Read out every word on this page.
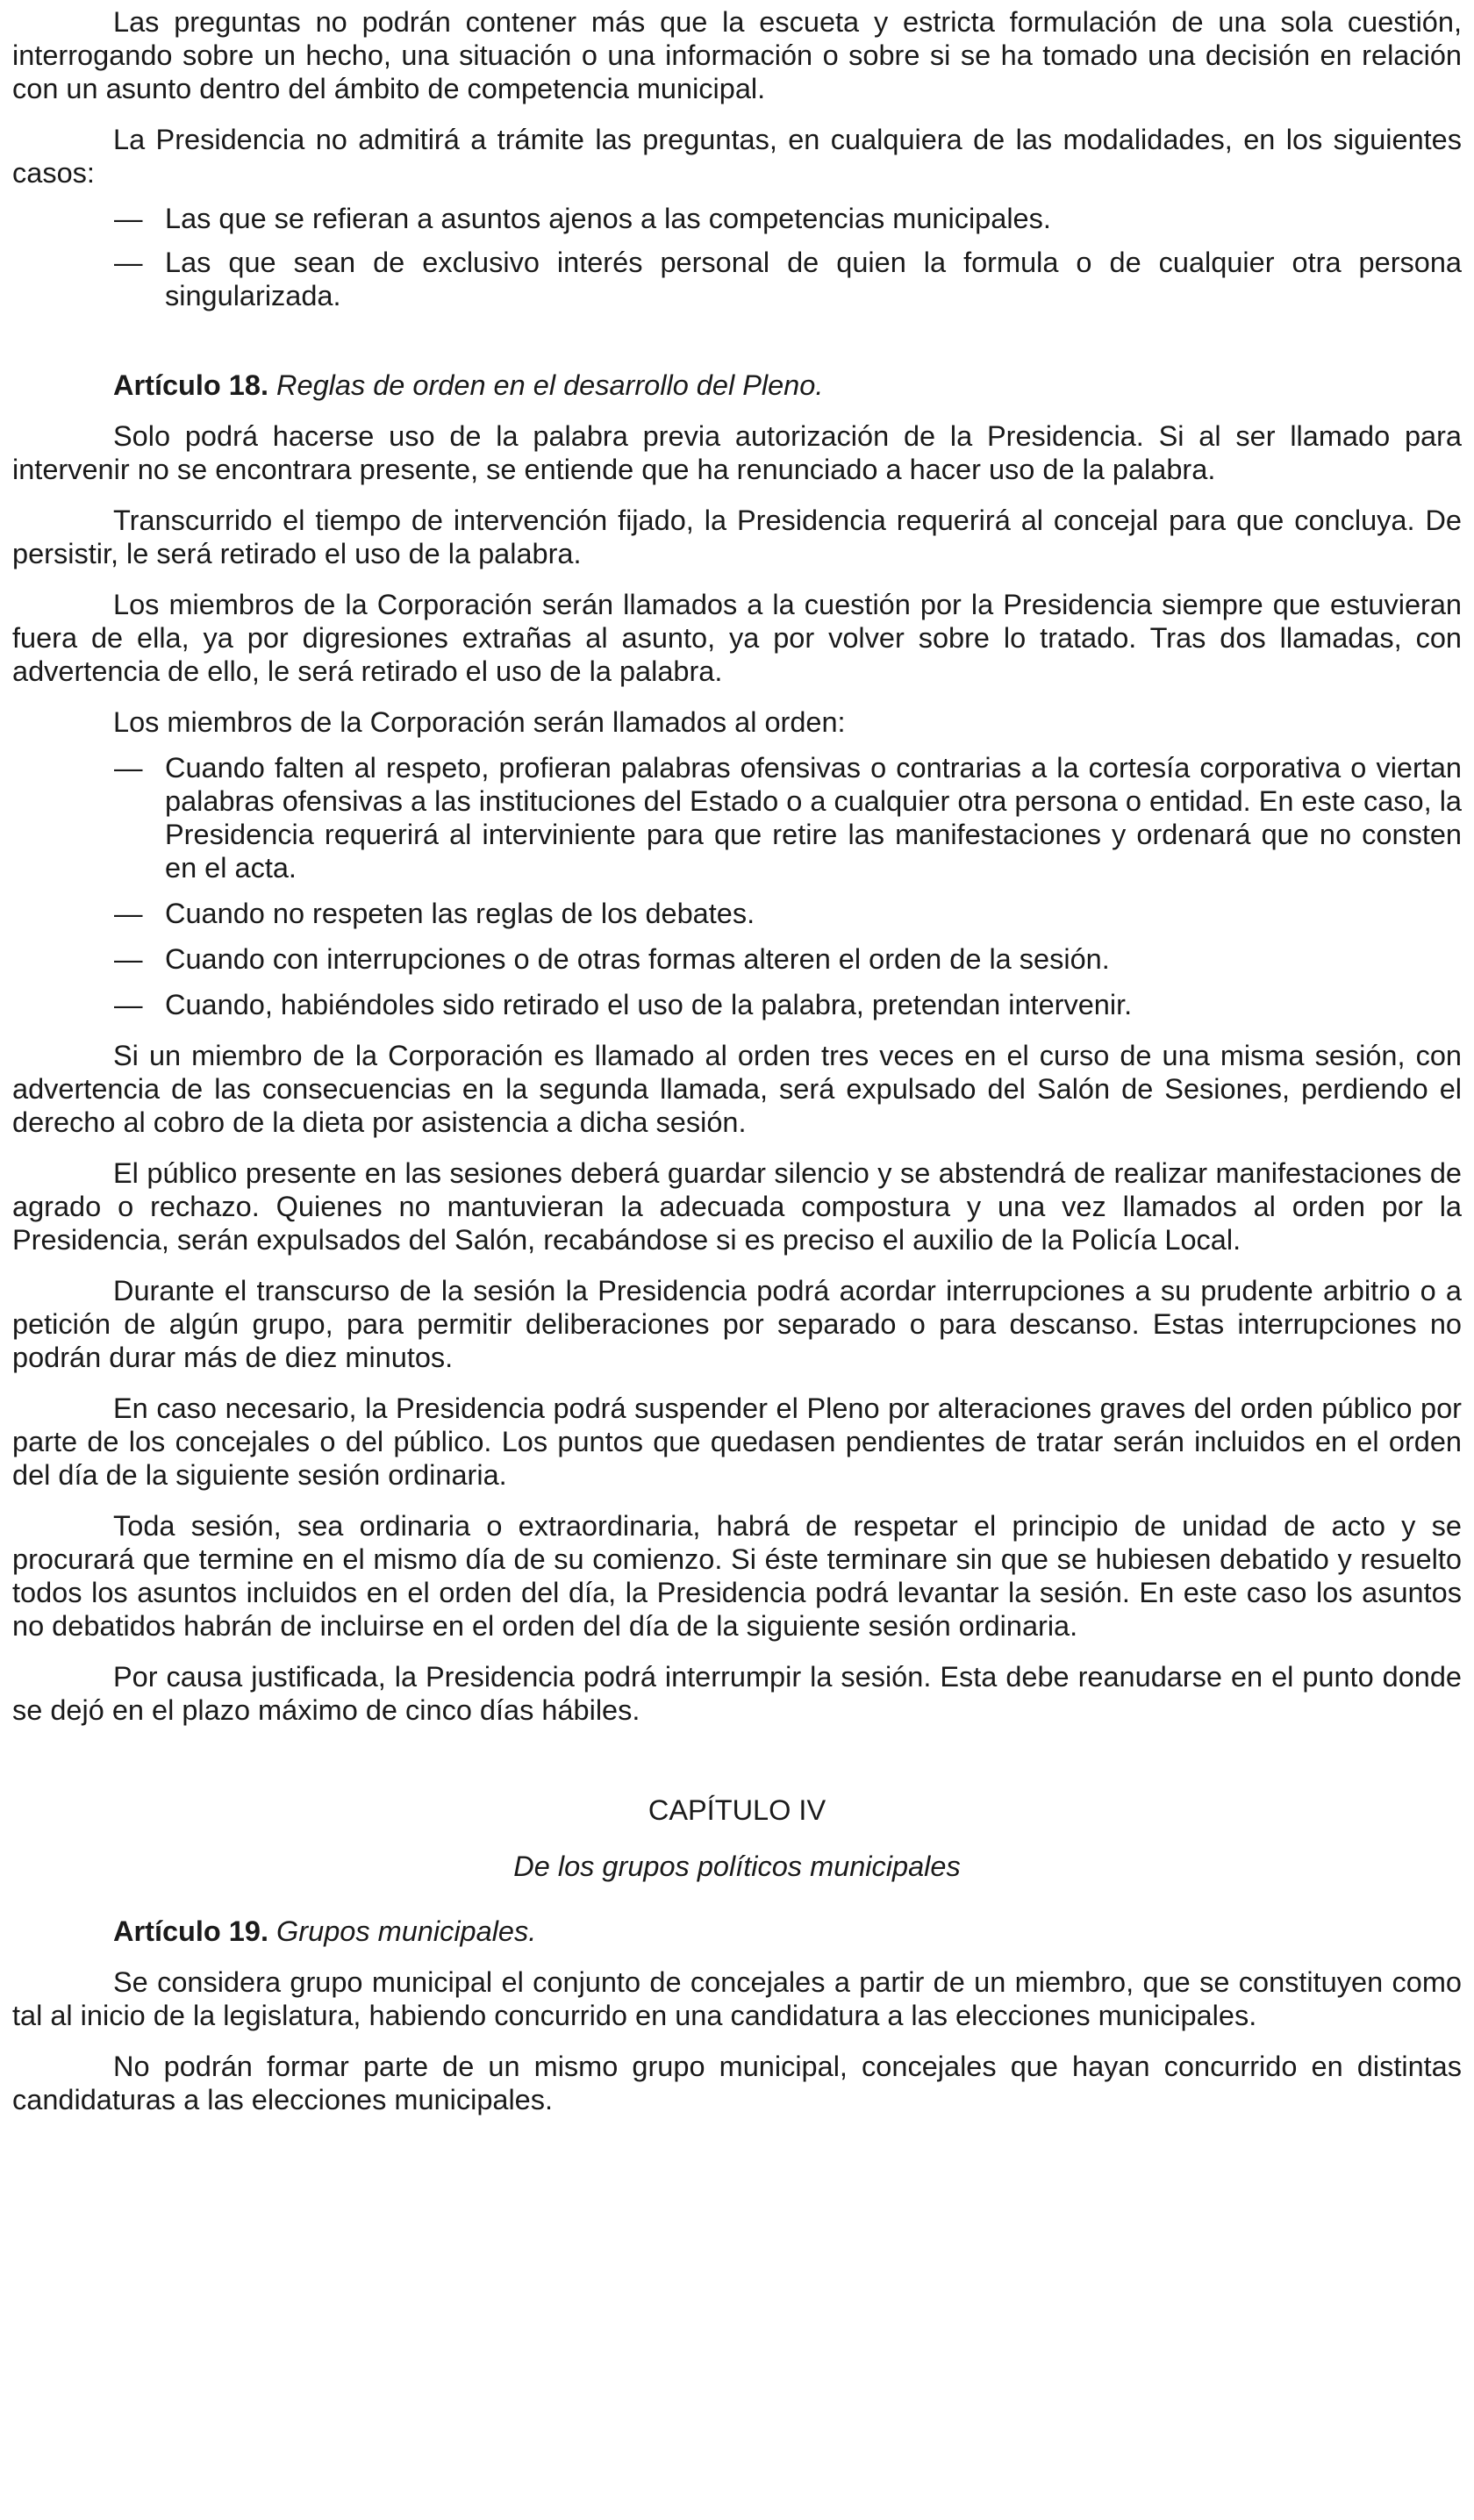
Las preguntas no podrán contener más que la escueta y estricta formulación de una sola cuestión, interrogando sobre un hecho, una situación o una información o sobre si se ha tomado una decisión en relación con un asunto dentro del ámbito de competencia municipal.

La Presidencia no admitirá a trámite las preguntas, en cualquiera de las modalidades, en los siguientes casos:

— Las que se refieran a asuntos ajenos a las competencias municipales.
— Las que sean de exclusivo interés personal de quien la formula o de cualquier otra persona singularizada.

Artículo 18. Reglas de orden en el desarrollo del Pleno.

Solo podrá hacerse uso de la palabra previa autorización de la Presidencia. Si al ser llamado para intervenir no se encontrara presente, se entiende que ha renunciado a hacer uso de la palabra.

Transcurrido el tiempo de intervención fijado, la Presidencia requerirá al concejal para que concluya. De persistir, le será retirado el uso de la palabra.

Los miembros de la Corporación serán llamados a la cuestión por la Presidencia siempre que estuvieran fuera de ella, ya por digresiones extrañas al asunto, ya por volver sobre lo tratado. Tras dos llamadas, con advertencia de ello, le será retirado el uso de la palabra.

Los miembros de la Corporación serán llamados al orden:

— Cuando falten al respeto, profieran palabras ofensivas o contrarias a la cortesía corporativa o viertan palabras ofensivas a las instituciones del Estado o a cualquier otra persona o entidad. En este caso, la Presidencia requerirá al interviniente para que retire las manifestaciones y ordenará que no consten en el acta.
— Cuando no respeten las reglas de los debates.
— Cuando con interrupciones o de otras formas alteren el orden de la sesión.
— Cuando, habiéndoles sido retirado el uso de la palabra, pretendan intervenir.

Si un miembro de la Corporación es llamado al orden tres veces en el curso de una misma sesión, con advertencia de las consecuencias en la segunda llamada, será expulsado del Salón de Sesiones, perdiendo el derecho al cobro de la dieta por asistencia a dicha sesión.

El público presente en las sesiones deberá guardar silencio y se abstendrá de realizar manifestaciones de agrado o rechazo. Quienes no mantuvieran la adecuada compostura y una vez llamados al orden por la Presidencia, serán expulsados del Salón, recabándose si es preciso el auxilio de la Policía Local.

Durante el transcurso de la sesión la Presidencia podrá acordar interrupciones a su prudente arbitrio o a petición de algún grupo, para permitir deliberaciones por separado o para descanso. Estas interrupciones no podrán durar más de diez minutos.

En caso necesario, la Presidencia podrá suspender el Pleno por alteraciones graves del orden público por parte de los concejales o del público. Los puntos que quedasen pendientes de tratar serán incluidos en el orden del día de la siguiente sesión ordinaria.

Toda sesión, sea ordinaria o extraordinaria, habrá de respetar el principio de unidad de acto y se procurará que termine en el mismo día de su comienzo. Si éste terminare sin que se hubiesen debatido y resuelto todos los asuntos incluidos en el orden del día, la Presidencia podrá levantar la sesión. En este caso los asuntos no debatidos habrán de incluirse en el orden del día de la siguiente sesión ordinaria.

Por causa justificada, la Presidencia podrá interrumpir la sesión. Esta debe reanudarse en el punto donde se dejó en el plazo máximo de cinco días hábiles.

CAPÍTULO IV

De los grupos políticos municipales

Artículo 19. Grupos municipales.

Se considera grupo municipal el conjunto de concejales a partir de un miembro, que se constituyen como tal al inicio de la legislatura, habiendo concurrido en una candidatura a las elecciones municipales.

No podrán formar parte de un mismo grupo municipal, concejales que hayan concurrido en distintas candidaturas a las elecciones municipales.
